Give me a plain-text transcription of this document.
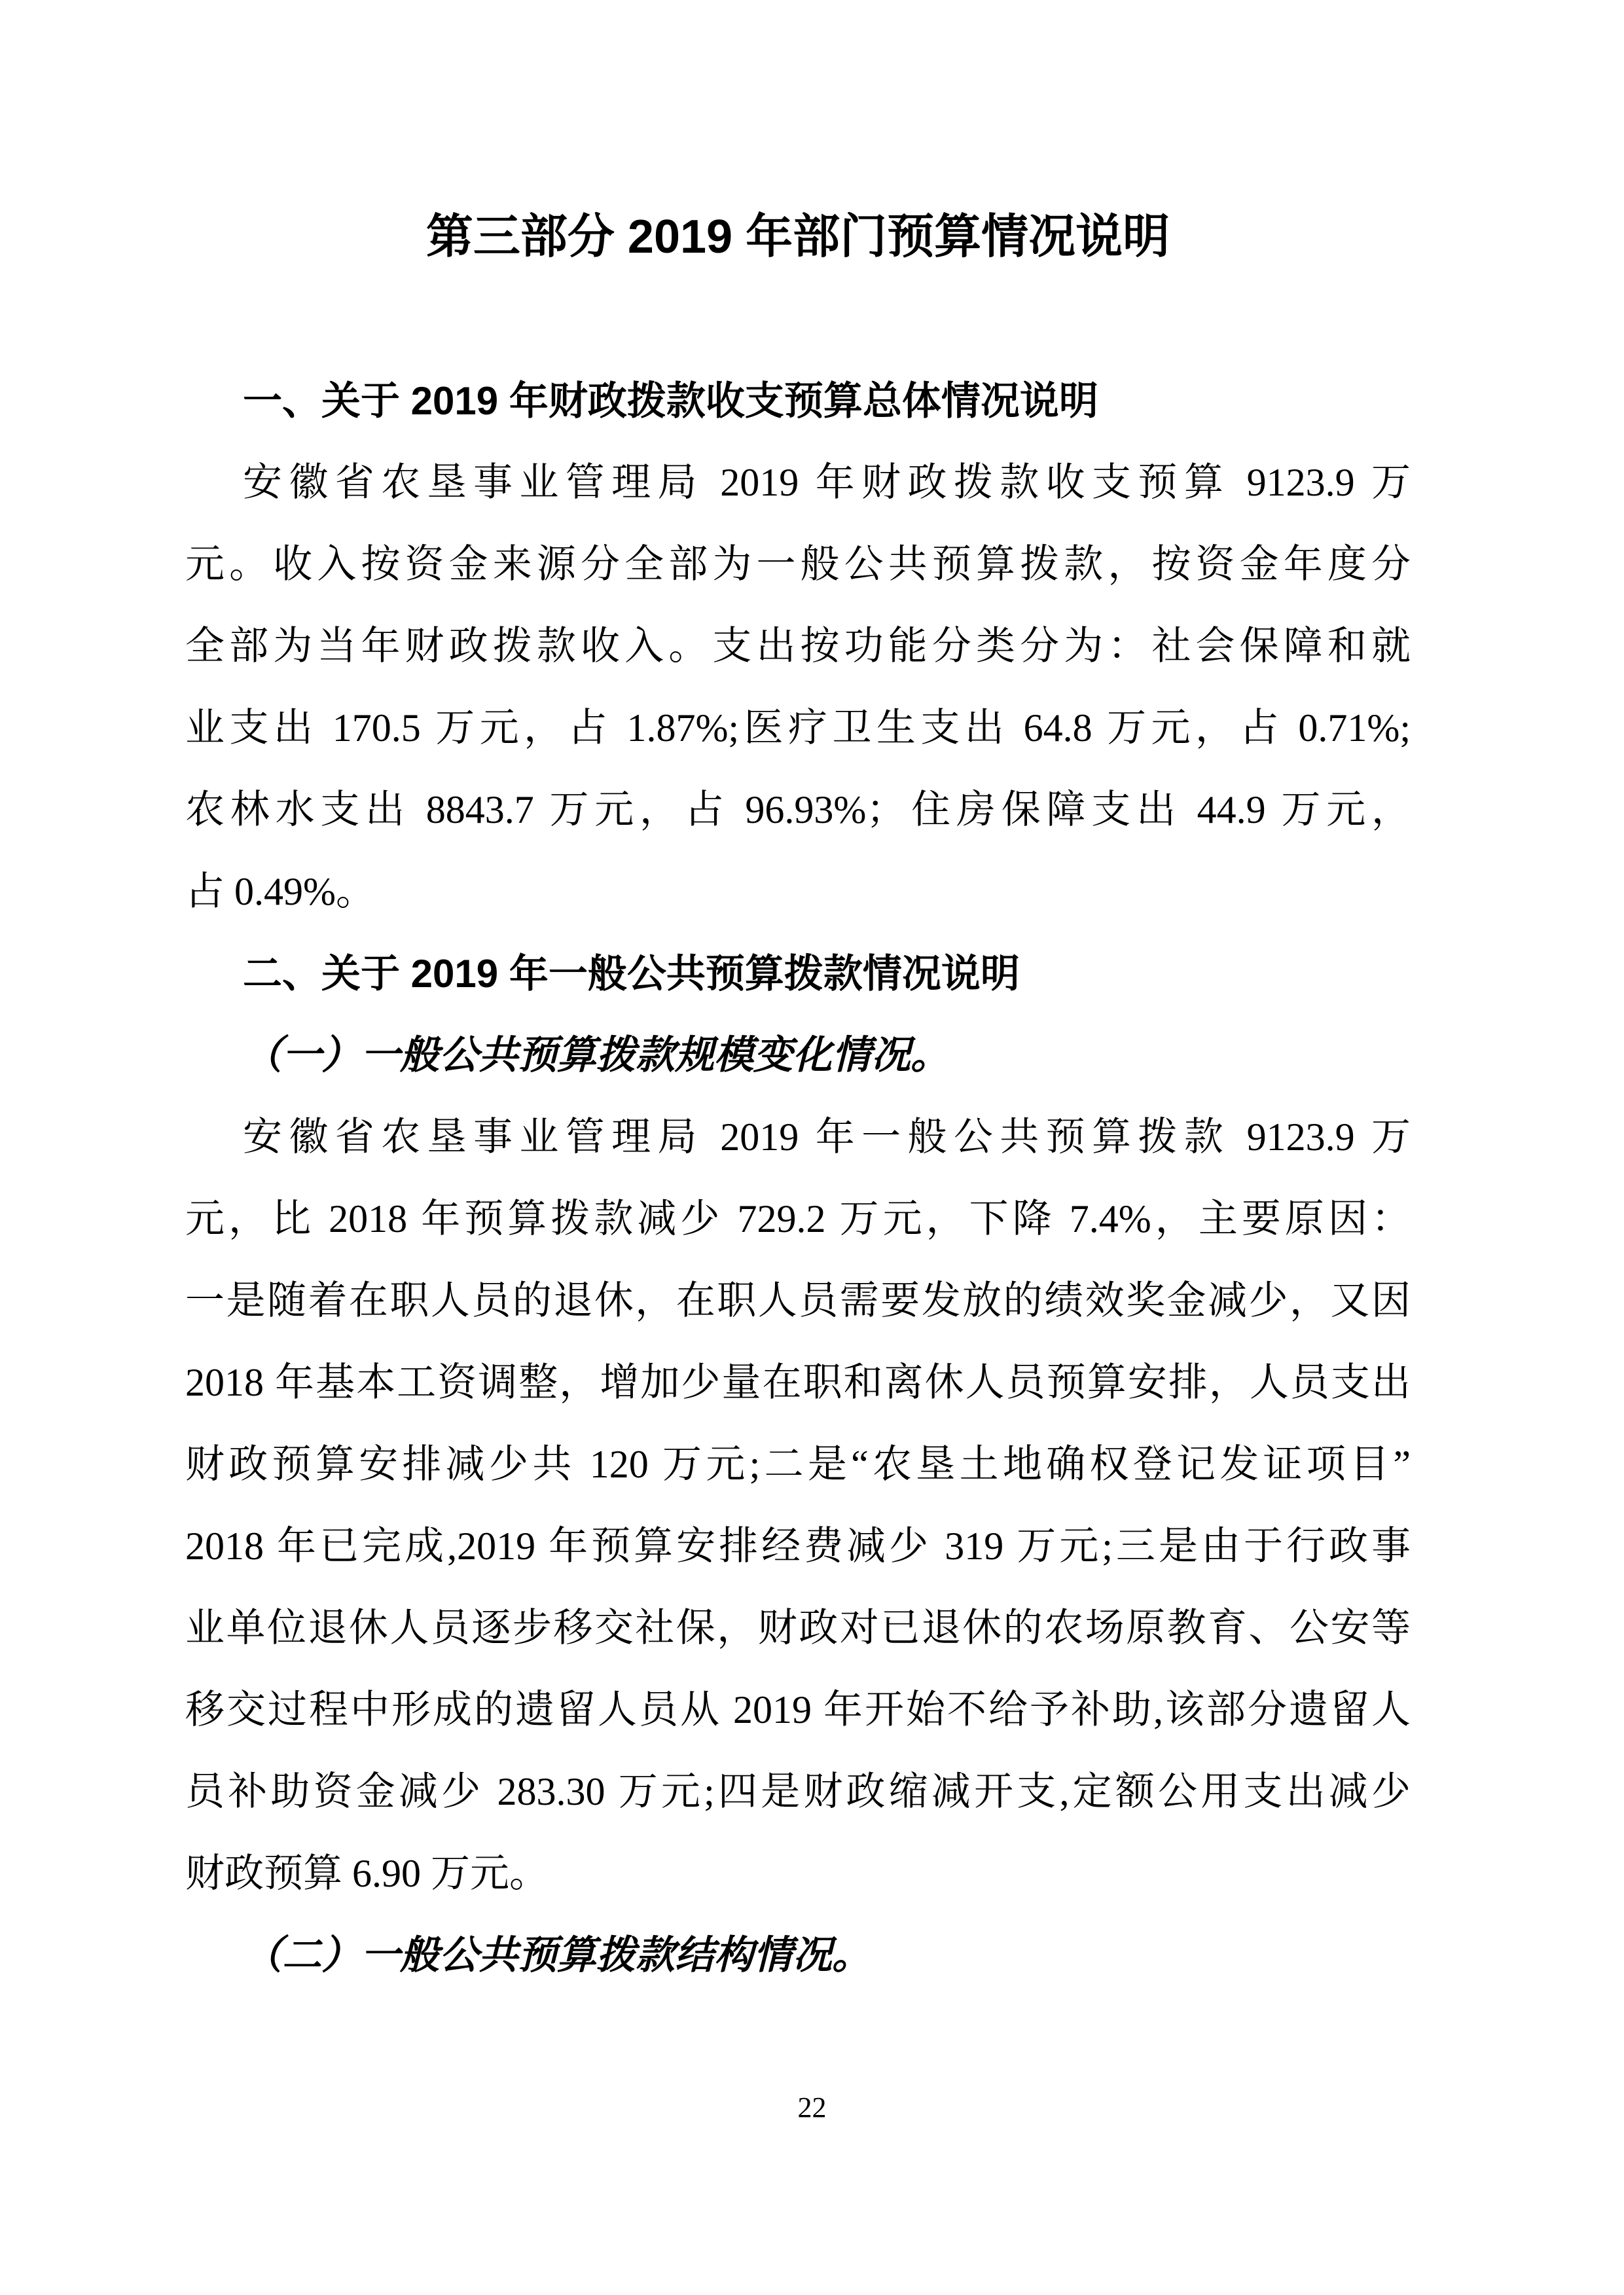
第三部分 2019 年部门预算情况说明
一、关于 2019 年财政拨款收支预算总体情况说明
安徽省农垦事业管理局 2019 年财政拨款收支预算 9123.9 万
元。收入按资金来源分全部为一般公共预算拨款，按资金年度分
全部为当年财政拨款收入。支出按功能分类分为：社会保障和就
业支出 170.5 万元，占 1.87%;医疗卫生支出 64.8 万元，占 0.71%;
农林水支出 8843.7 万元，占 96.93%；住房保障支出 44.9 万元，
占 0.49%。
二、关于 2019 年一般公共预算拨款情况说明
（一）一般公共预算拨款规模变化情况。
安徽省农垦事业管理局 2019 年一般公共预算拨款 9123.9 万
元，比 2018 年预算拨款减少 729.2 万元，下降 7.4%，主要原因：
一是随着在职人员的退休，在职人员需要发放的绩效奖金减少，又因
2018 年基本工资调整，增加少量在职和离休人员预算安排，人员支出
财政预算安排减少共 120 万元;二是“农垦土地确权登记发证项目”
2018 年已完成,2019 年预算安排经费减少 319 万元;三是由于行政事
业单位退休人员逐步移交社保，财政对已退休的农场原教育、公安等
移交过程中形成的遗留人员从 2019 年开始不给予补助,该部分遗留人
员补助资金减少 283.30 万元;四是财政缩减开支,定额公用支出减少
财政预算 6.90 万元。
（二）一般公共预算拨款结构情况。
22
